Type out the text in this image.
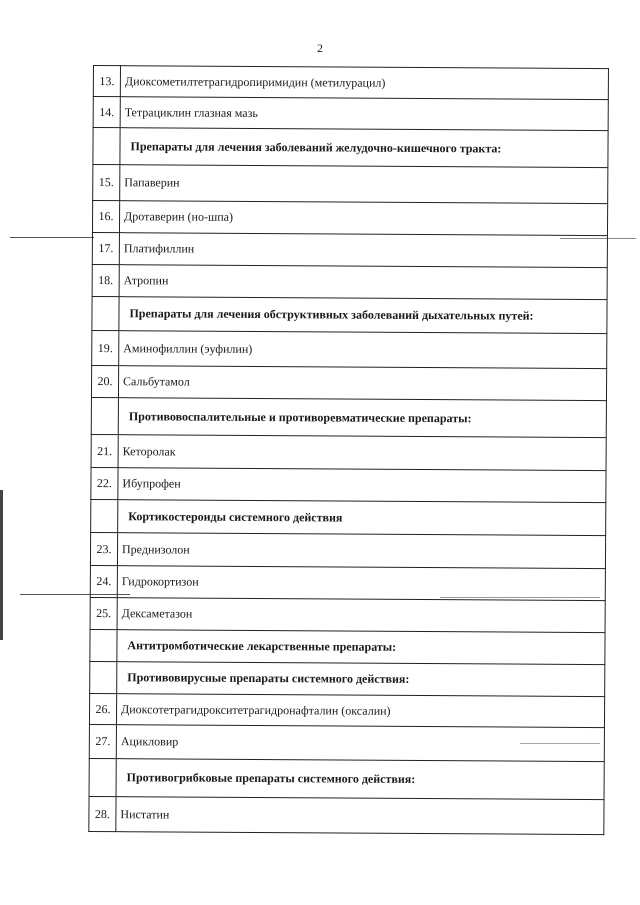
2
13.	Диоксометилтетрагидропиримидин (метилурацил)
14.	Тетрациклин глазная мазь
	Препараты для лечения заболеваний желудочно-кишечного тракта:
15.	Папаверин
16.	Дротаверин (но-шпа)
17.	Платифиллин
18.	Атропин
	Препараты для лечения обструктивных заболеваний дыхательных путей:
19.	Аминофиллин (эуфилин)
20.	Сальбутамол
	Противовоспалительные и противоревматические препараты:
21.	Кеторолак
22.	Ибупрофен
	Кортикостероиды системного действия
23.	Преднизолон
24.	Гидрокортизон
25.	Дексаметазон
	Антитромботические лекарственные препараты:
	Противовирусные препараты системного действия:
26.	Диоксотетрагидрокситетрагидронафталин (оксалин)
27.	Ацикловир
	Противогрибковые препараты системного действия:
28.	Нистатин
